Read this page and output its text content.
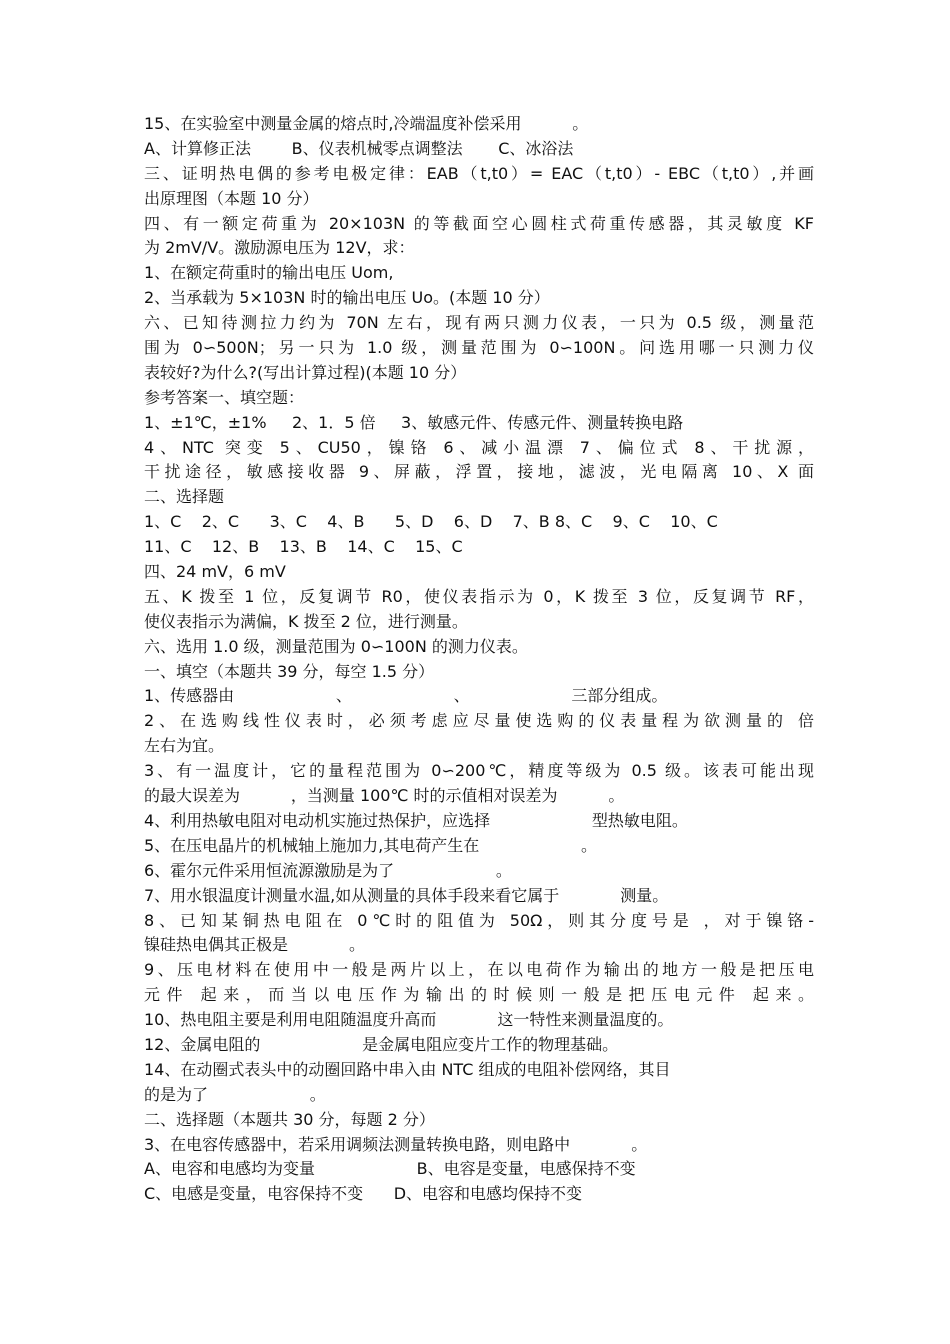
15、在实验室中测量金属的熔点时,冷端温度补偿采用          。
A、计算修正法        B、仪表机械零点调整法       C、冰浴法
三、证明热电偶的参考电极定律：EAB（t,t0）= EAC（t,t0）- EBC（t,t0）,并画
出原理图（本题 10 分）
四、有一额定荷重为 20×103N 的等截面空心圆柱式荷重传感器，其灵敏度 KF
为 2mV/V。激励源电压为 12V，求：
1、在额定荷重时的输出电压 Uom,
2、当承载为 5×103N 时的输出电压 Uo。(本题 10 分）
六、已知待测拉力约为 70N 左右，现有两只测力仪表，一只为 0.5 级，测量范
围为 0∽500N；另一只为 1.0 级，测量范围为 0∽100N。问选用哪一只测力仪
表较好?为什么?(写出计算过程)(本题 10 分）
参考答案一、填空题：
1、±1℃，±1%     2、1．5 倍     3、敏感元件、传感元件、测量转换电路
4、NTC 突变 5、CU50，镍铬 6、减小温漂 7、偏位式 8、干扰源，
干扰途径，敏感接收器 9、屏蔽，浮置，接地，滤波，光电隔离 10、X 面
二、选择题
1、C    2、C      3、C    4、B      5、D    6、D    7、B 8、C    9、C    10、C
11、C    12、B    13、B    14、C    15、C
四、24 mV，6 mV
五、K 拨至 1 位，反复调节 R0，使仪表指示为 0，K 拨至 3 位，反复调节 RF，
使仪表指示为满偏，K 拨至 2 位，进行测量。
六、选用 1.0 级，测量范围为 0∽100N 的测力仪表。
一、填空（本题共 39 分，每空 1.5 分）
1、传感器由                    、                    、                    三部分组成。
2、在选购线性仪表时，必须考虑应尽量使选购的仪表量程为欲测量的 倍
左右为宜。
3、有一温度计，它的量程范围为 0∽200℃，精度等级为 0.5 级。该表可能出现
的最大误差为          ，当测量 100℃ 时的示值相对误差为          。
4、利用热敏电阻对电动机实施过热保护，应选择                    型热敏电阻。
5、在压电晶片的机械轴上施加力,其电荷产生在                    。
6、霍尔元件采用恒流源激励是为了                    。
7、用水银温度计测量水温,如从测量的具体手段来看它属于            测量。
8、已知某铜热电阻在 0℃时的阻值为 50Ω，则其分度号是 ，对于镍铬-
镍硅热电偶其正极是            。
9、压电材料在使用中一般是两片以上，在以电荷作为输出的地方一般是把压电
元件 起来，而当以电压作为输出的时候则一般是把压电元件 起来。
10、热电阻主要是利用电阻随温度升高而            这一特性来测量温度的。
12、金属电阻的                    是金属电阻应变片工作的物理基础。
14、在动圈式表头中的动圈回路中串入由 NTC 组成的电阻补偿网络，其目
的是为了                    。
二、选择题（本题共 30 分，每题 2 分）
3、在电容传感器中，若采用调频法测量转换电路，则电路中            。
A、电容和电感均为变量                    B、电容是变量，电感保持不变
C、电感是变量，电容保持不变      D、电容和电感均保持不变
